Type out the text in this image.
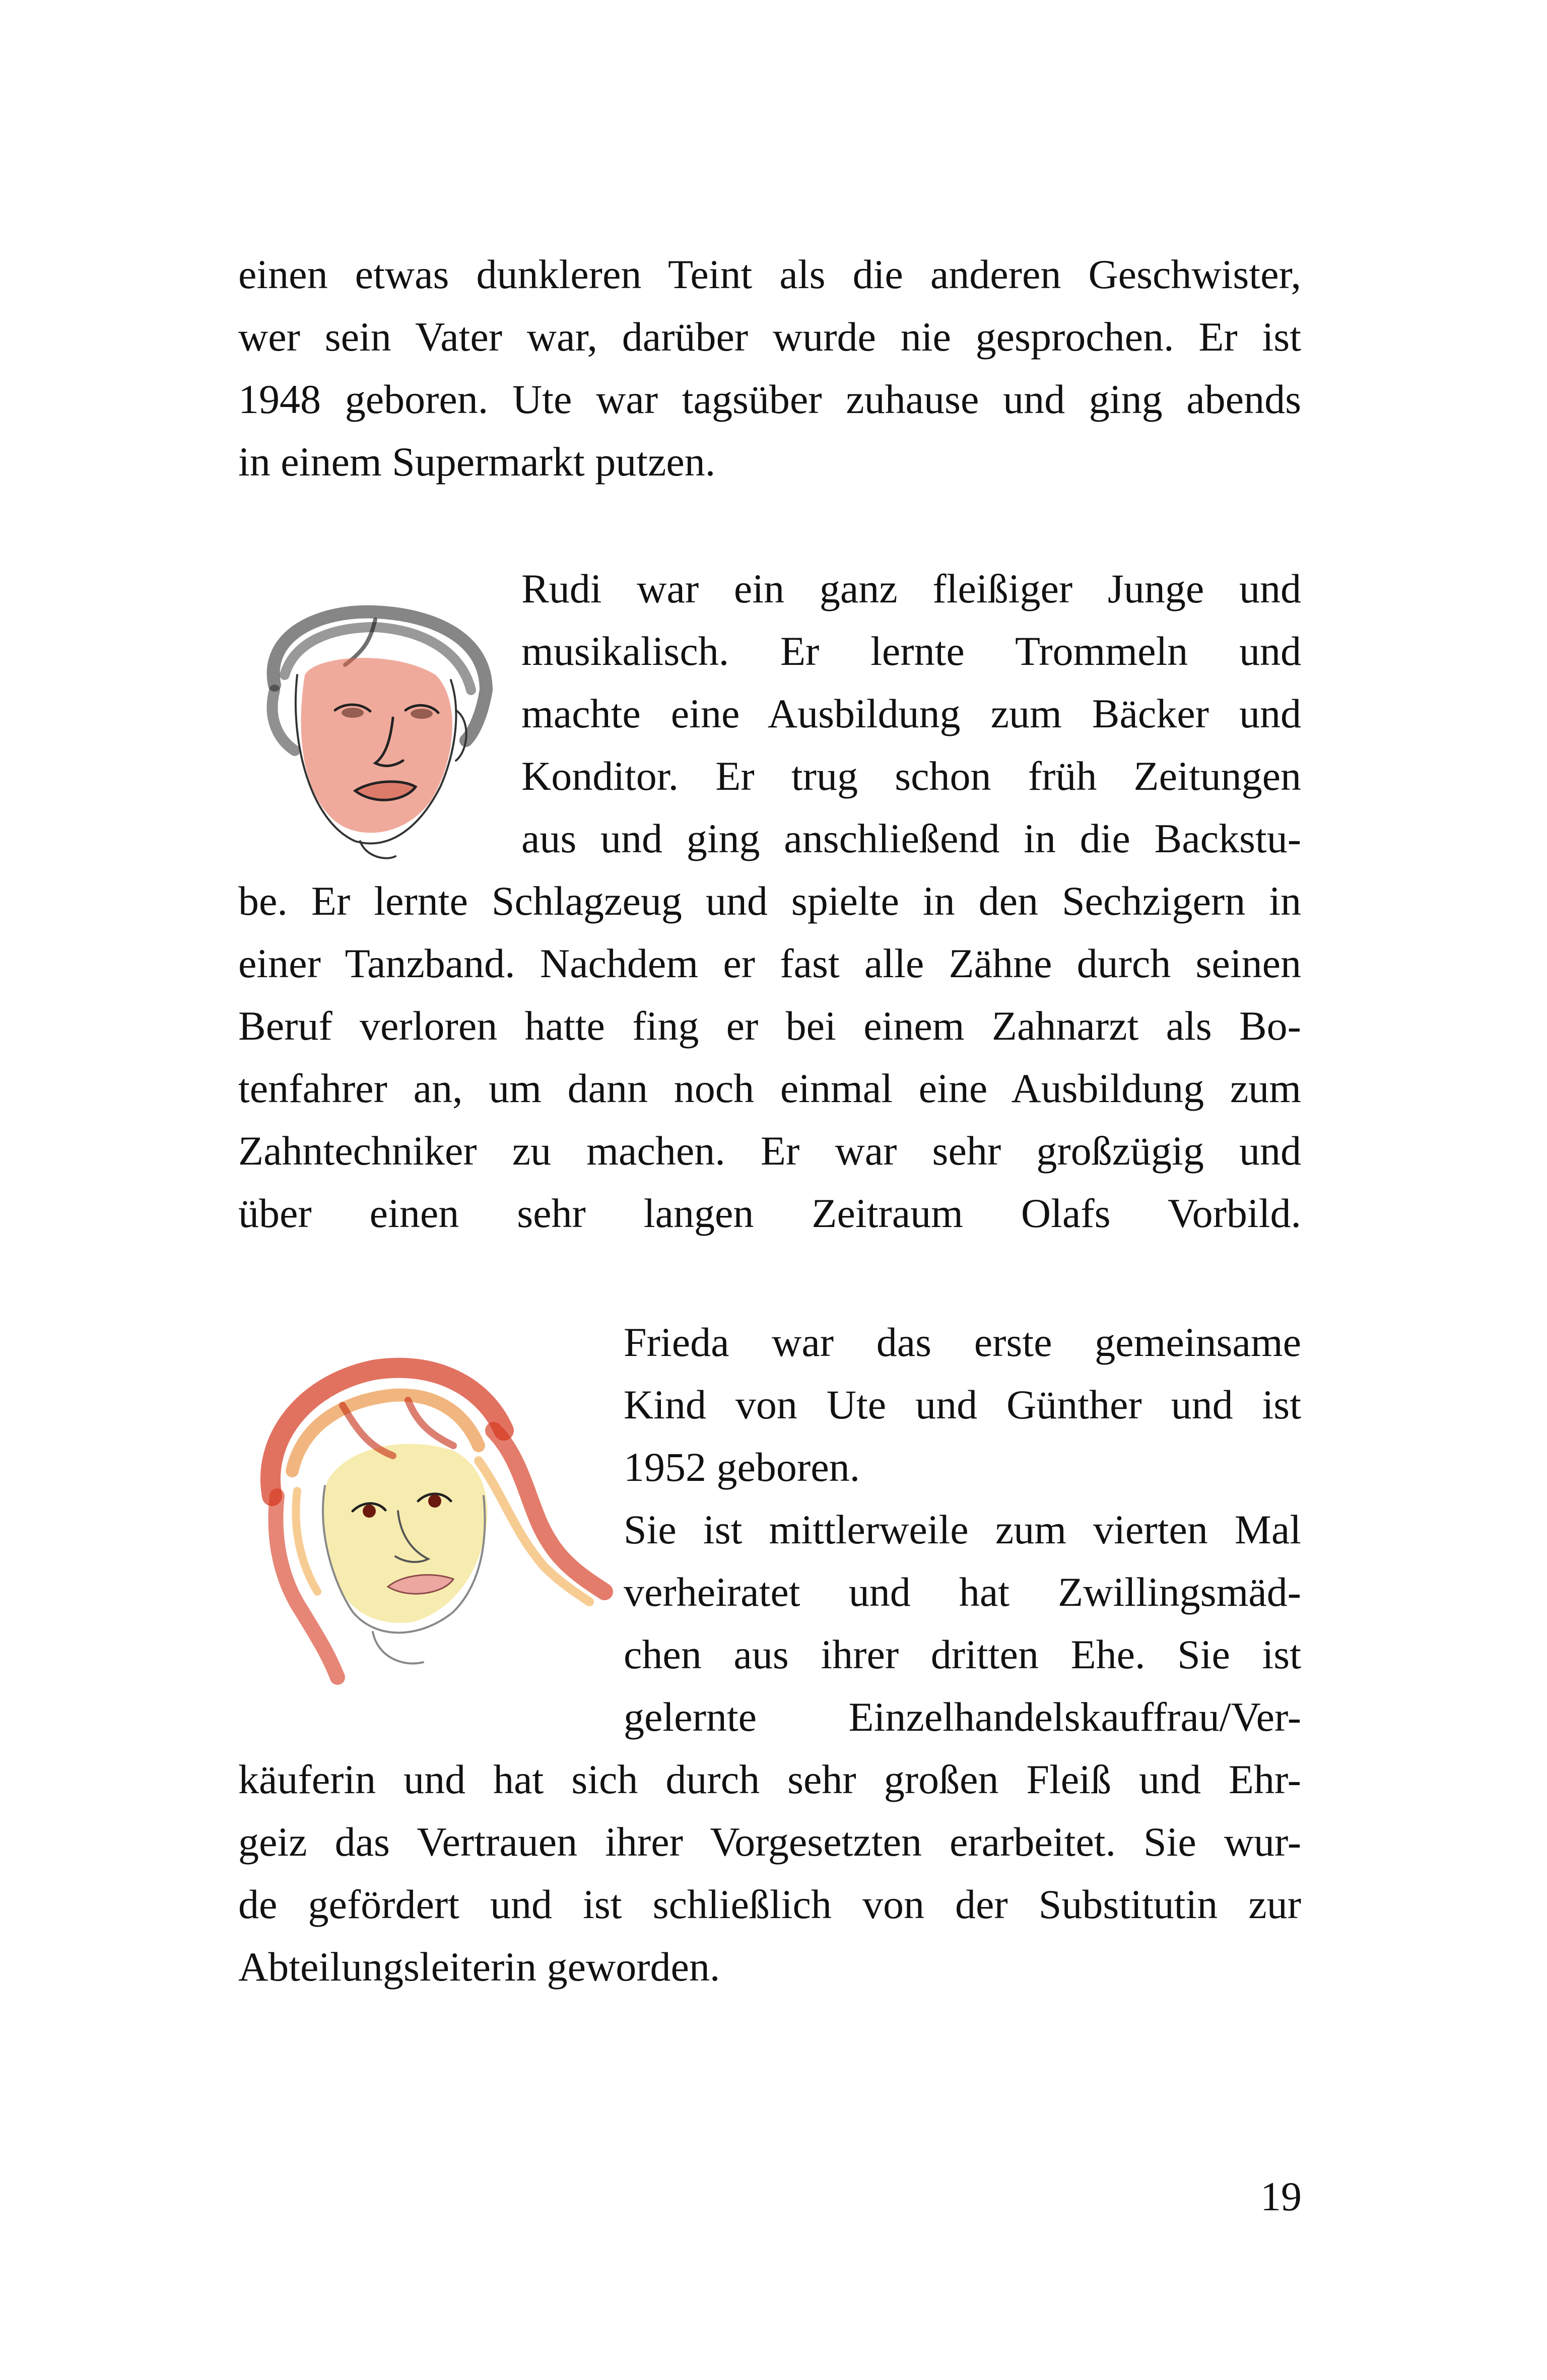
einen etwas dunkleren Teint als die anderen Geschwister,

wer sein Vater war, darüber wurde nie gesprochen. Er ist

1948 geboren. Ute war tagsüber zuhause und ging abends

in einem Supermarkt putzen.

Rudi war ein ganz fleißiger Junge und

musikalisch. Er lernte Trommeln und

machte eine Ausbildung zum Bäcker und

Konditor. Er trug schon früh Zeitungen

aus und ging anschließend in die Backstu-

be. Er lernte Schlagzeug und spielte in den Sechzigern in

einer Tanzband. Nachdem er fast alle Zähne durch seinen

Beruf verloren hatte fing er bei einem Zahnarzt als Bo-

tenfahrer an, um dann noch einmal eine Ausbildung zum

Zahntechniker zu machen. Er war sehr großzügig und

über einen sehr langen Zeitraum Olafs Vorbild.

Frieda war das erste gemeinsame

Kind von Ute und Günther und ist

1952 geboren.

Sie ist mittlerweile zum vierten Mal

verheiratet und hat Zwillingsmäd-

chen aus ihrer dritten Ehe. Sie ist

gelernte Einzelhandelskauffrau/Ver-

käuferin und hat sich durch sehr großen Fleiß und Ehr-

geiz das Vertrauen ihrer Vorgesetzten erarbeitet. Sie wur-

de gefördert und ist schließlich von der Substitutin zur

Abteilungsleiterin geworden.

19
